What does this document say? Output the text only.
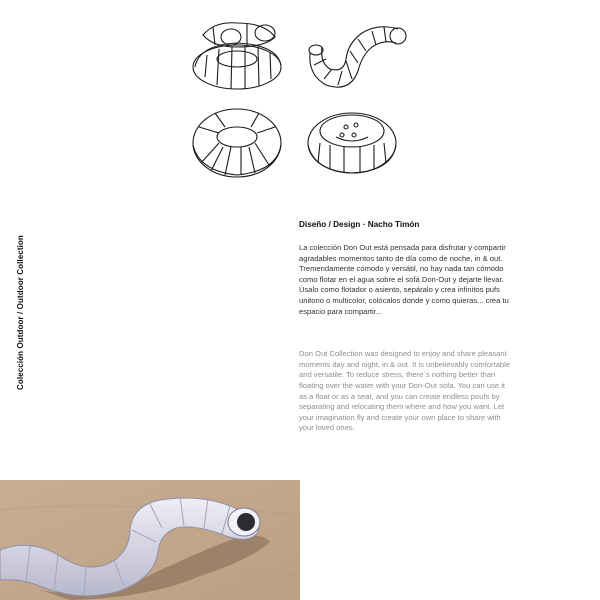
Colección Outdoor / Outdoor Collection

Diseño / Design · Nacho Timón

La colección Don Out está pensada para disfrutar y compartir agradables momentos tanto de día como de noche, in & out. Tremendamente cómodo y versátil, no hay nada tan cómodo como flotar en el agua sobre el sofá Don-Out y dejarte llevar. Úsalo como flotador o asiento, sepáralo y crea infinitos pufs unitono o multicolor, colócalos donde y como quieras... crea tu espacio para compartir...

Don Out Collection was designed to enjoy and share pleasant moments day and night, in & out. It is unbelievably comfortable and versatile. To reduce stress, there´s nothing better than floating over the water with your Don-Out sofa. You can use it as a float or as a seat, and you can create endless poufs by separating and relocating them where and how you want. Let your imagination fly and create your own place to share with your loved ones.
